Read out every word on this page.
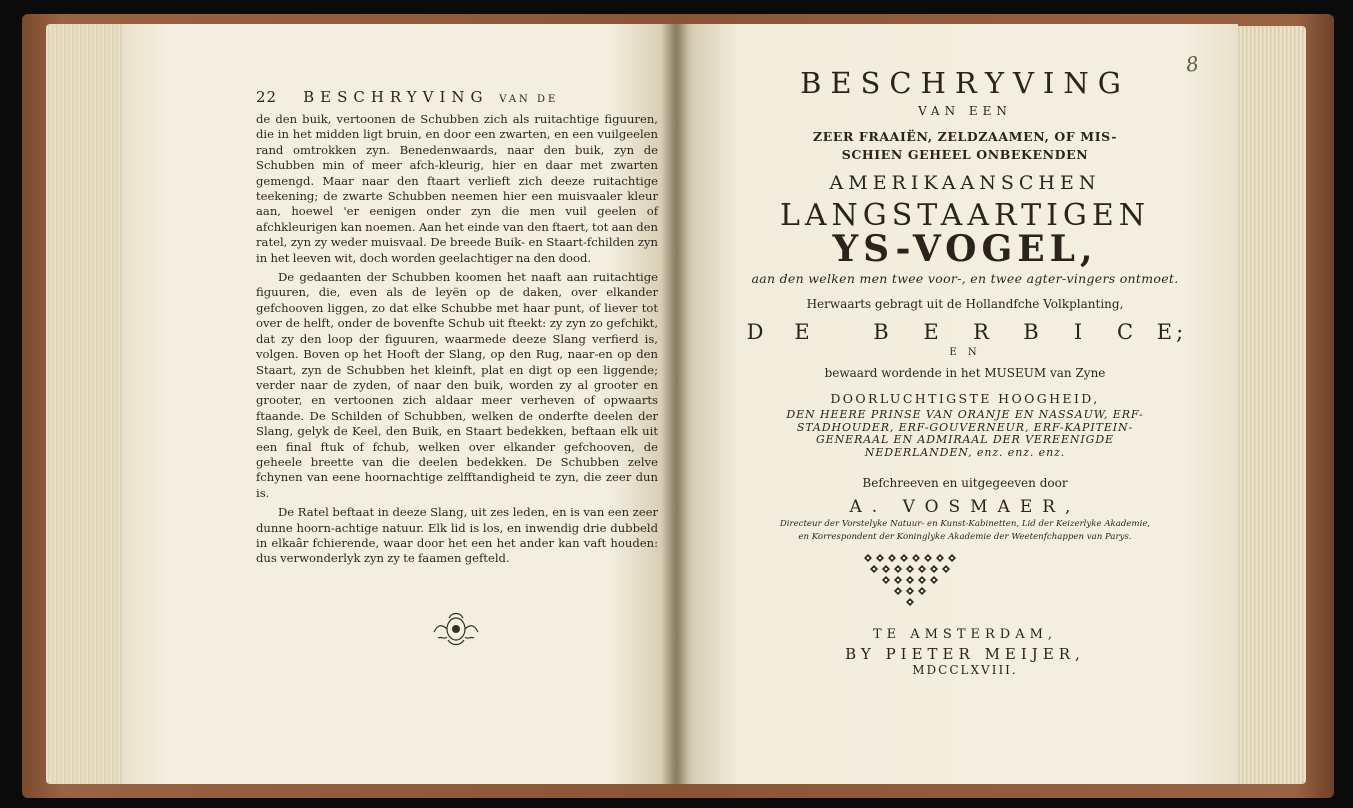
22 BESCHRYVING VAN DE

de den buik, vertoonen de Schubben zich als ruitachtige figuuren, die in het midden ligt bruin, en door een zwarten, en een vuilgeelen rand omtrokken zyn. Benedenwaards, naar den buik, zyn de Schubben min of meer afch-kleurig, hier en daar met zwarten gemengd. Maar naar den ftaart verlieft zich deeze ruitachtige teekening; de zwarte Schubben neemen hier een muisvaaler kleur aan, hoewel 'er eenigen onder zyn die men vuil geelen of afchkleurigen kan noemen. Aan het einde van den ftaert, tot aan den ratel, zyn zy weder muisvaal. De breede Buik- en Staart-fchilden zyn in het leeven wit, doch worden geelachtiger na den dood.

De gedaanten der Schubben koomen het naaft aan ruitachtige figuuren, die, even als de leyën op de daken, over elkander gefchooven liggen, zo dat elke Schubbe met haar punt, of liever tot over de helft, onder de bovenfte Schub uit fteekt: zy zyn zo gefchikt, dat zy den loop der figuuren, waarmede deeze Slang verfierd is, volgen. Boven op het Hooft der Slang, op den Rug, naar-en op den Staart, zyn de Schubben het kleinft, plat en digt op een liggende; verder naar de zyden, of naar den buik, worden zy al grooter en grooter, en vertoonen zich aldaar meer verheven of opwaarts ftaande. De Schilden of Schubben, welken de onderfte deelen der Slang, gelyk de Keel, den Buik, en Staart bedekken, beftaan elk uit een final ftuk of fchub, welken over elkander gefchooven, de geheele breette van die deelen bedekken. De Schubben zelve fchynen van eene hoornachtige zelfftandigheid te zyn, die zeer dun is.

De Ratel beftaat in deeze Slang, uit zes leden, en is van een zeer dunne hoorn-achtige natuur. Elk lid is los, en inwendig drie dubbeld in elkaâr fchierende, waar door het een het ander kan vaft houden: dus verwonderlyk zyn zy te faamen gefteld.

8
BESCHRYVING
VAN EEN
ZEER FRAAIËN, ZELDZAAMEN, OF MIS-
SCHIEN GEHEEL ONBEKENDEN
AMERIKAANSCHEN
LANGSTAARTIGEN
YS-VOGEL,
aan den welken men twee voor-, en twee agter-vingers ontmoet.
Herwaarts gebragt uit de Hollandfche Volkplanting,
D E	B E R B I C E;
E N
bewaard wordende in het MUSEUM van Zyne
DOORLUCHTIGSTE HOOGHEID,
DEN HEERE PRINSE VAN ORANJE EN NASSAUW, ERF-
STADHOUDER, ERF-GOUVERNEUR, ERF-KAPITEIN-
GENERAAL EN ADMIRAAL DER VEREENIGDE
NEDERLANDEN, enz. enz. enz.
Befchreeven en uitgegeeven door
A. VOSMAER,
Directeur der Vorstelyke Natuur- en Kunst-Kabinetten, Lid der Keizerlyke Akademie,
en Korrespondent der Koninglyke Akademie der Weetenfchappen van Parys.
TE AMSTERDAM,
BY PIETER MEIJER,
MDCCLXVIII.
